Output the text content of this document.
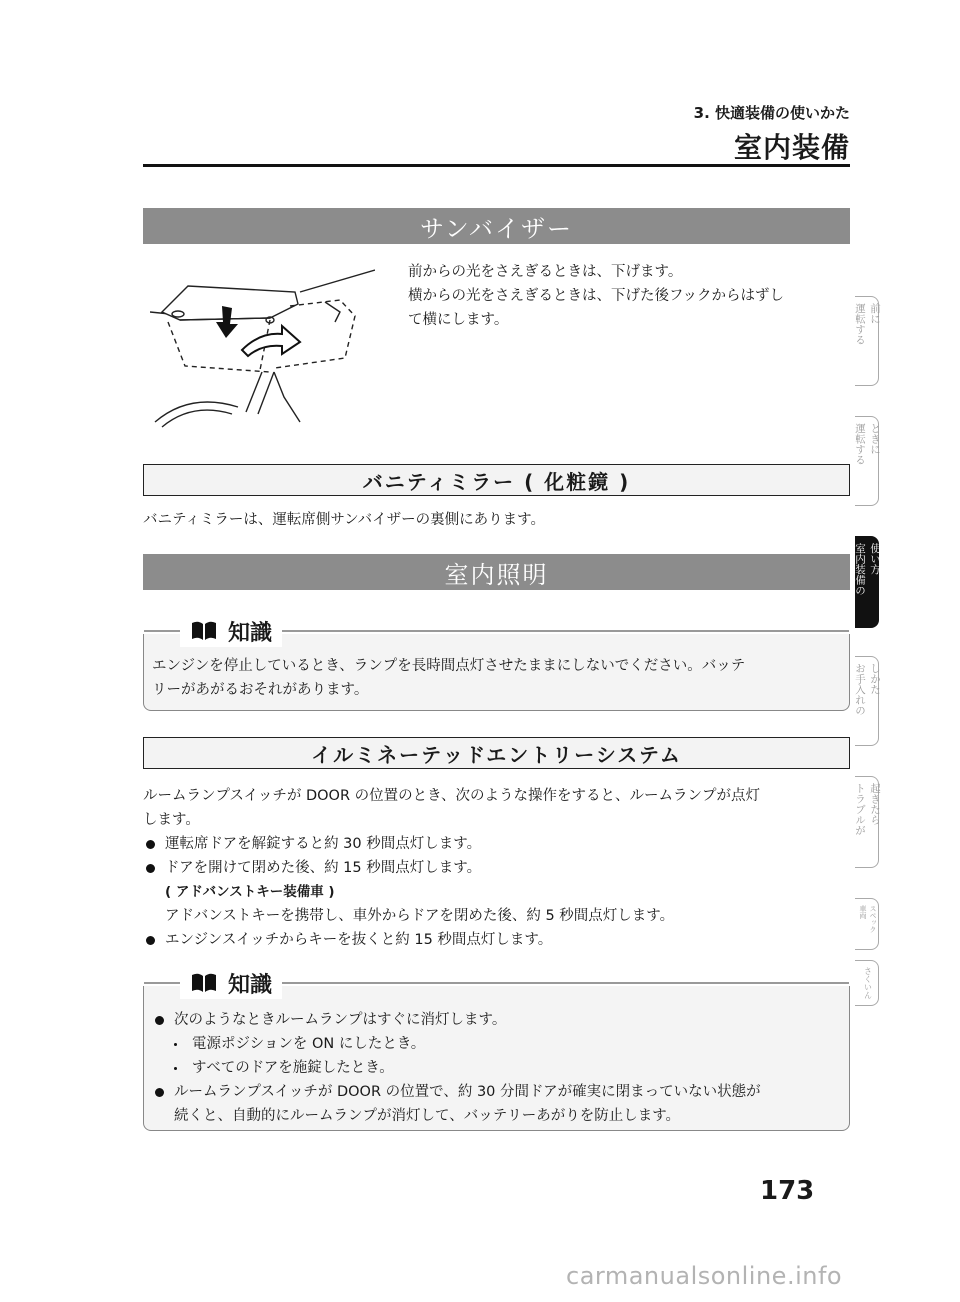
3. 快適装備の使いかた
室内装備
サンバイザー

前からの光をさえぎるときは、下げます。

横からの光をさえぎるときは、下げた後フックからはずし

て横にします。

バニティミラー ( 化粧鏡 )
バニティミラーは、運転席側サンバイザーの裏側にあります。
室内照明
知識
エンジンを停止しているとき、ランプを長時間点灯させたままにしないでください。バッテ
リーがあがるおそれがあります。
イルミネーテッドエントリーシステム

ルームランプスイッチが DOOR の位置のとき、次のような操作をすると、ルームランプが点灯

します。

運転席ドアを解錠すると約 30 秒間点灯します。
ドアを開けて閉めた後、約 15 秒間点灯します。
( アドバンストキー装備車 )
アドバンストキーを携帯し、車外からドアを閉めた後、約 5 秒間点灯します。
エンジンスイッチからキーを抜くと約 15 秒間点灯します。
知識
次のようなときルームランプはすぐに消灯します。
電源ポジションを ON にしたとき。
すべてのドアを施錠したとき。
ルームランプスイッチが DOOR の位置で、約 30 分間ドアが確実に閉まっていない状態が
続くと、自動的にルームランプが消灯して、バッテリーあがりを防止します。
運転する 前に
運転する ときに
室内装備の 使い方
お手入れの しかた
トラブルが 起きたら
車両 スペック
さくいん
173
carmanualsonline.info
